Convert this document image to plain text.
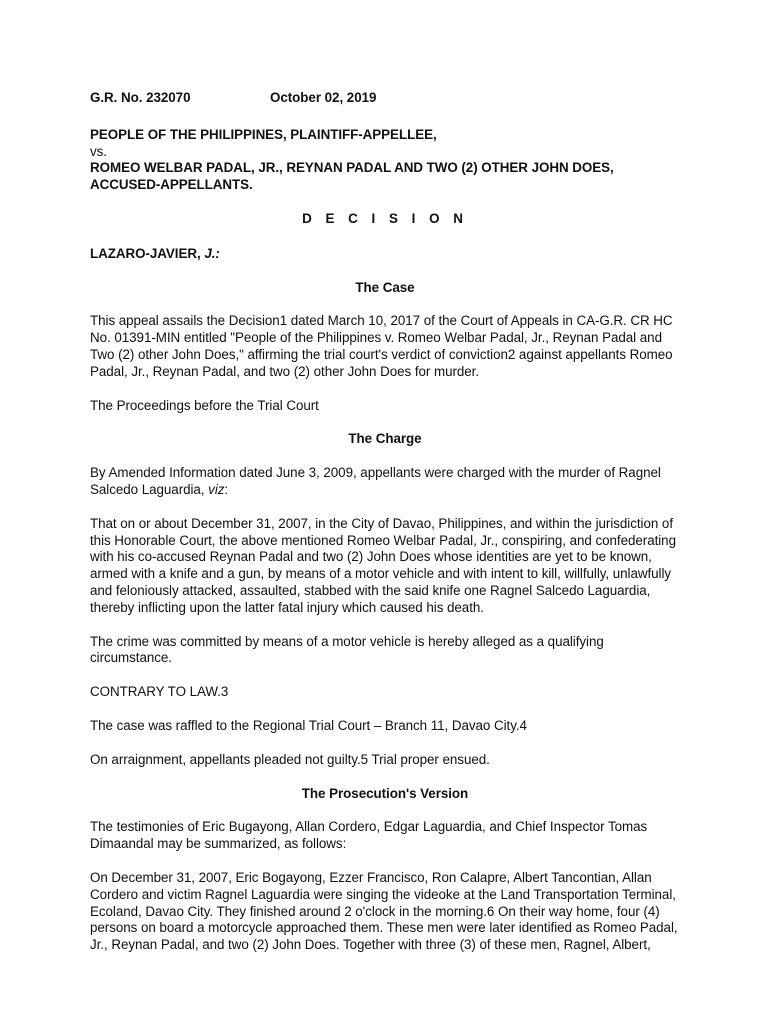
G.R. No. 232070	October 02, 2019

PEOPLE OF THE PHILIPPINES, PLAINTIFF-APPELLEE,

vs.

ROMEO WELBAR PADAL, JR., REYNAN PADAL AND TWO (2) OTHER JOHN DOES,

ACCUSED-APPELLANTS.

D E C I S I O N

LAZARO-JAVIER, J.:

The Case

This appeal assails the Decision1 dated March 10, 2017 of the Court of Appeals in CA-G.R. CR HC No. 01391-MIN entitled "People of the Philippines v. Romeo Welbar Padal, Jr., Reynan Padal and Two (2) other John Does," affirming the trial court's verdict of conviction2 against appellants Romeo Padal, Jr., Reynan Padal, and two (2) other John Does for murder.

The Proceedings before the Trial Court

The Charge

By Amended Information dated June 3, 2009, appellants were charged with the murder of Ragnel Salcedo Laguardia, viz:

That on or about December 31, 2007, in the City of Davao, Philippines, and within the jurisdiction of this Honorable Court, the above mentioned Romeo Welbar Padal, Jr., conspiring, and confederating with his co-accused Reynan Padal and two (2) John Does whose identities are yet to be known, armed with a knife and a gun, by means of a motor vehicle and with intent to kill, willfully, unlawfully and feloniously attacked, assaulted, stabbed with the said knife one Ragnel Salcedo Laguardia, thereby inflicting upon the latter fatal injury which caused his death.

The crime was committed by means of a motor vehicle is hereby alleged as a qualifying circumstance.

CONTRARY TO LAW.3

The case was raffled to the Regional Trial Court – Branch 11, Davao City.4

On arraignment, appellants pleaded not guilty.5 Trial proper ensued.

The Prosecution's Version

The testimonies of Eric Bugayong, Allan Cordero, Edgar Laguardia, and Chief Inspector Tomas Dimaandal may be summarized, as follows:

On December 31, 2007, Eric Bogayong, Ezzer Francisco, Ron Calapre, Albert Tancontian, Allan Cordero and victim Ragnel Laguardia were singing the videoke at the Land Transportation Terminal, Ecoland, Davao City. They finished around 2 o'clock in the morning.6 On their way home, four (4) persons on board a motorcycle approached them. These men were later identified as Romeo Padal, Jr., Reynan Padal, and two (2) John Does. Together with three (3) of these men, Ragnel, Albert,
